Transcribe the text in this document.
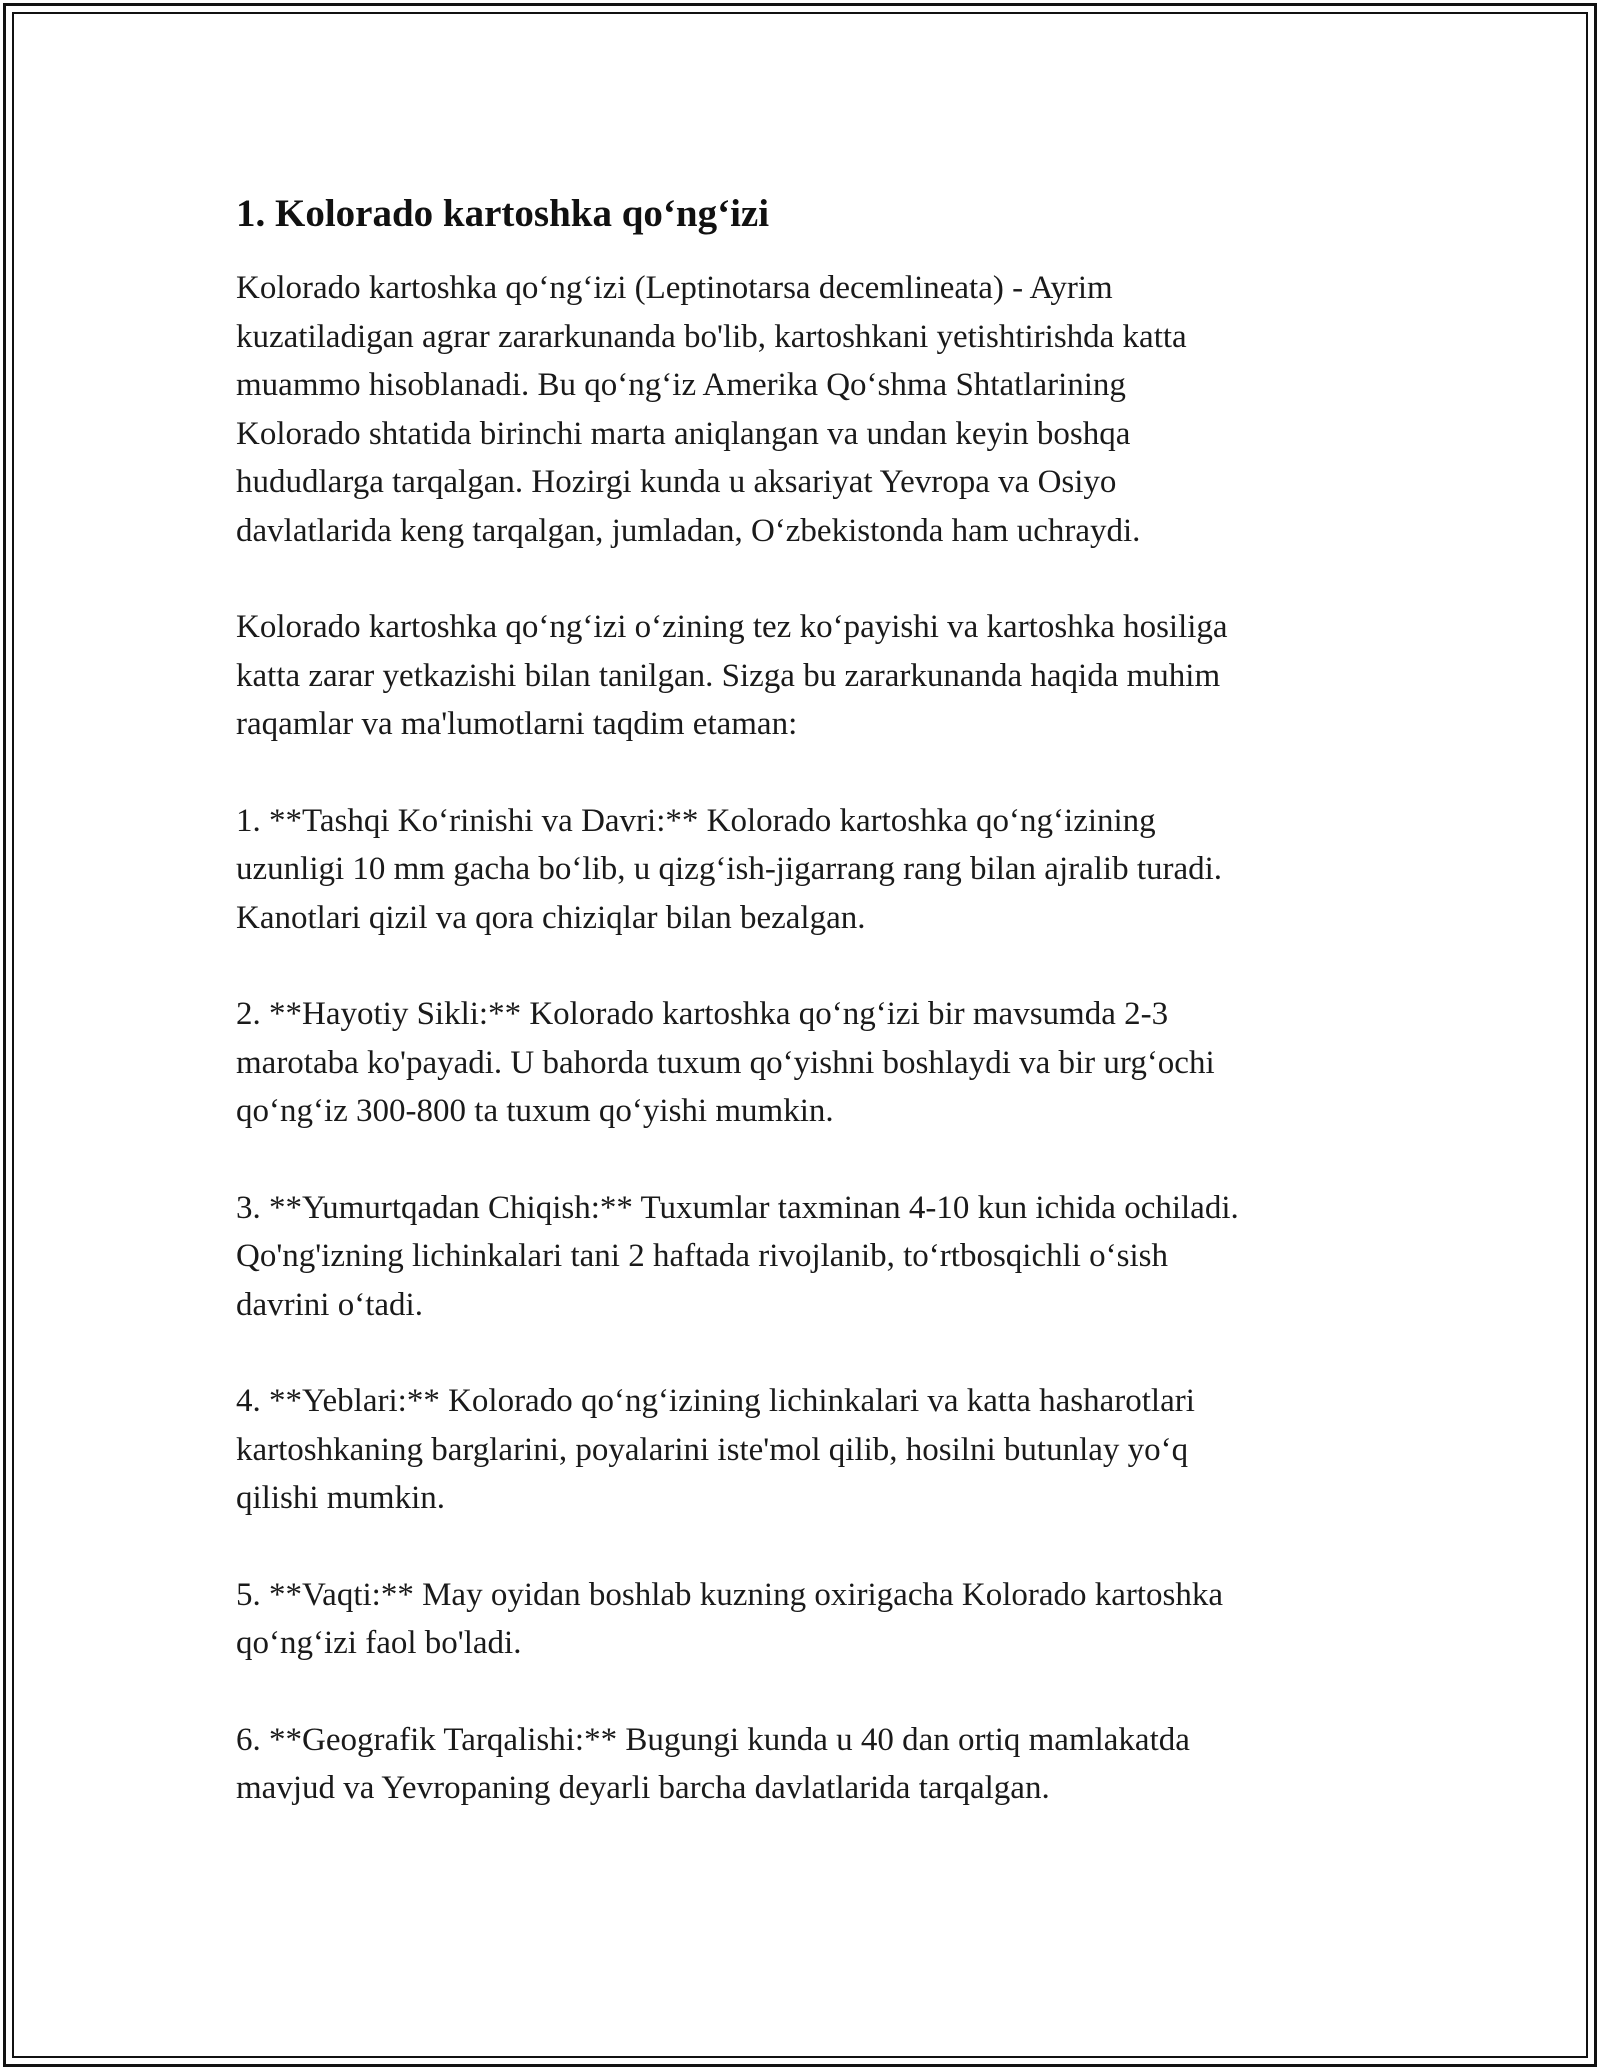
1. Kolorado kartoshka qo‘ng‘izi

Kolorado kartoshka qo‘ng‘izi (Leptinotarsa decemlineata) - Ayrim
kuzatiladigan agrar zararkunanda bo'lib, kartoshkani yetishtirishda katta
muammo hisoblanadi. Bu qo‘ng‘iz Amerika Qo‘shma Shtatlarining
Kolorado shtatida birinchi marta aniqlangan va undan keyin boshqa
hududlarga tarqalgan. Hozirgi kunda u aksariyat Yevropa va Osiyo
davlatlarida keng tarqalgan, jumladan, O‘zbekistonda ham uchraydi.

Kolorado kartoshka qo‘ng‘izi o‘zining tez ko‘payishi va kartoshka hosiliga
katta zarar yetkazishi bilan tanilgan. Sizga bu zararkunanda haqida muhim
raqamlar va ma'lumotlarni taqdim etaman:

1. **Tashqi Ko‘rinishi va Davri:** Kolorado kartoshka qo‘ng‘izining
uzunligi 10 mm gacha bo‘lib, u qizg‘ish-jigarrang rang bilan ajralib turadi.
Kanotlari qizil va qora chiziqlar bilan bezalgan.

2. **Hayotiy Sikli:** Kolorado kartoshka qo‘ng‘izi bir mavsumda 2-3
marotaba ko'payadi. U bahorda tuxum qo‘yishni boshlaydi va bir urg‘ochi
qo‘ng‘iz 300-800 ta tuxum qo‘yishi mumkin.

3. **Yumurtqadan Chiqish:** Tuxumlar taxminan 4-10 kun ichida ochiladi.
Qo'ng'izning lichinkalari tani 2 haftada rivojlanib, to‘rtbosqichli o‘sish
davrini o‘tadi.

4. **Yeblari:** Kolorado qo‘ng‘izining lichinkalari va katta hasharotlari
kartoshkaning barglarini, poyalarini iste'mol qilib, hosilni butunlay yo‘q
qilishi mumkin.

5. **Vaqti:** May oyidan boshlab kuzning oxirigacha Kolorado kartoshka
qo‘ng‘izi faol bo'ladi.

6. **Geografik Tarqalishi:** Bugungi kunda u 40 dan ortiq mamlakatda
mavjud va Yevropaning deyarli barcha davlatlarida tarqalgan.
